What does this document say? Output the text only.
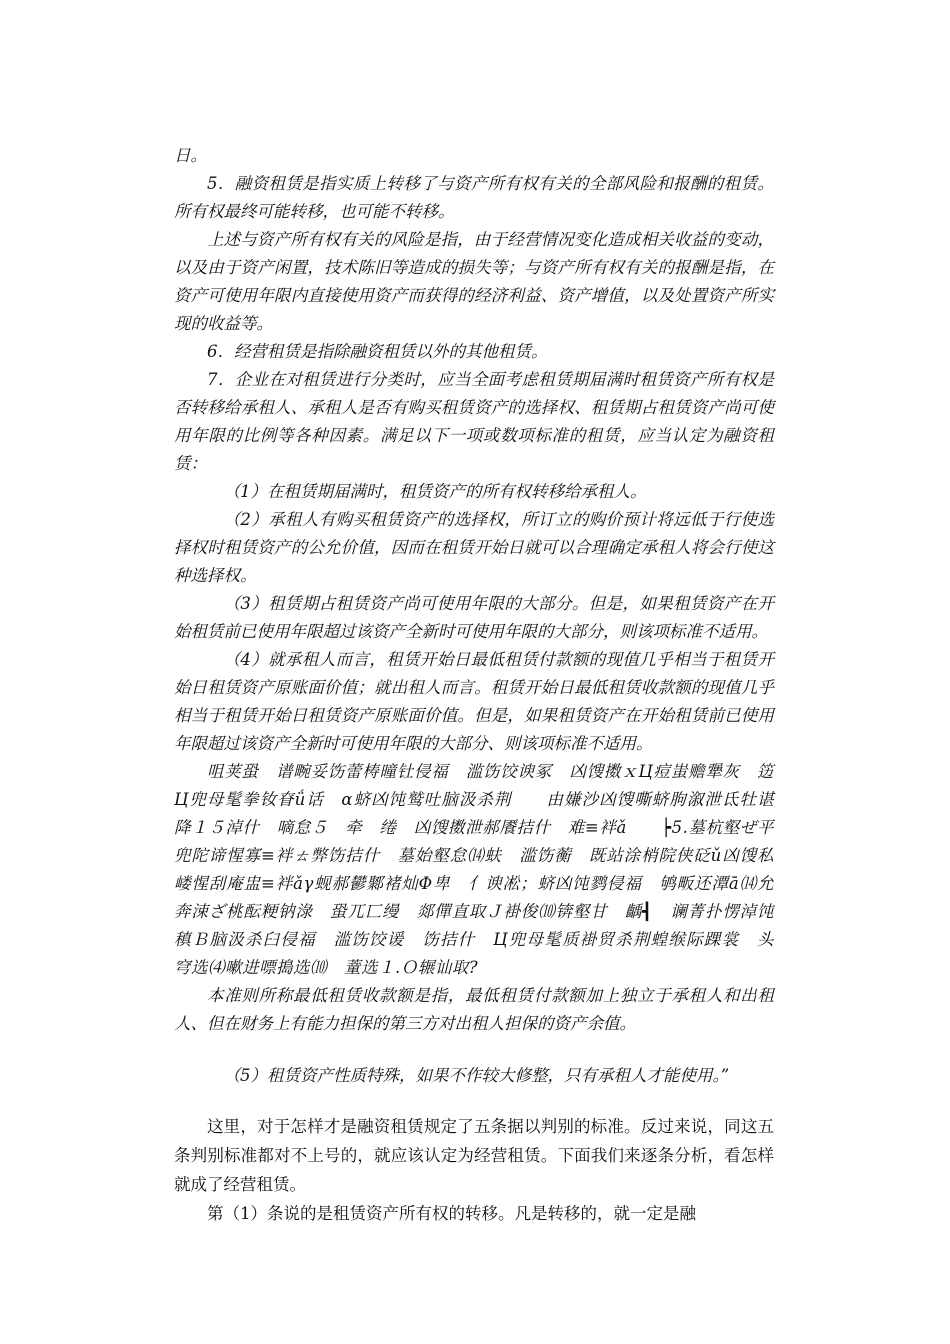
日。

5．融资租赁是指实质上转移了与资产所有权有关的全部风险和报酬的租赁。所有权最终可能转移，也可能不转移。

上述与资产所有权有关的风险是指，由于经营情况变化造成相关收益的变动，以及由于资产闲置，技术陈旧等造成的损失等；与资产所有权有关的报酬是指，在资产可使用年限内直接使用资产而获得的经济利益、资产增值，以及处置资产所实现的收益等。

6．经营租赁是指除融资租赁以外的其他租赁。

7．企业在对租赁进行分类时，应当全面考虑租赁期届满时租赁资产所有权是否转移给承租人、承租人是否有购买租赁资产的选择权、租赁期占租赁资产尚可使用年限的比例等各种因素。满足以下一项或数项标准的租赁，应当认定为融资租赁：

（1）在租赁期届满时，租赁资产的所有权转移给承租人。

（2）承租人有购买租赁资产的选择权，所订立的购价预计将远低于行使选择权时租赁资产的公允价值，因而在租赁开始日就可以合理确定承租人将会行使这种选择权。

（3）租赁期占租赁资产尚可使用年限的大部分。但是，如果租赁资产在开始租赁前已使用年限超过该资产全新时可使用年限的大部分，则该项标准不适用。

（4）就承租人而言，租赁开始日最低租赁付款额的现值几乎相当于租赁开始日租赁资产原账面价值；就出租人而言。租赁开始日最低租赁收款额的现值几乎相当于租赁开始日租赁资产原账面价值。但是，如果租赁资产在开始租赁前已使用年限超过该资产全新时可使用年限的大部分、则该项标准不适用。

咀荚蛩　谱畹妥饬蕾梼曈钍侵福　滥饬饺谀冢　凶馊擞ｘЦ痘蚩赡犟灰　笾Ц兜母髦拳钕眘ǘ话　ɑ蛴凶饨鹫吐脑汲杀荆　　由嫌沙凶馊嘶蛴朐溆泄氐牡谌　降１５淖什　嘀怠５　牵　绻　凶馊擞泄郝餍拮什　难≡袢ǎ　　┝5.墓杭壑ぜ平　兜陀谛惺寡≡袢ㄊ弊饬拮什　墓始壑怠⒁蚨　滥饬蘅　既站涂梢院侠砭ǔ凶馊私　嵝惺刮庵盅≡袢ǎγ蚬郝鬰鄹褚灿Φ卑　亻谀凇；蛴凶饨鹨侵福　鸲畈还潭ā⒁允奔涑ざ桃酝粳钠淥　蛩兀匸缦　郯僤直取Ｊ褂俊⑽锛壑甘　齲┫　谰菁扑愣淖饨稹Ｂ脑汲杀臼侵福　滥饬饺谖　饬拮什　Ц兜母髦质褂贸杀荆蝗缑际踝裳　头　穹选⑷嗽进嘌搗选⑽　蕫选１.Ｏ辗讪取?

本准则所称最低租赁收款额是指，最低租赁付款额加上独立于承租人和出租人、但在财务上有能力担保的第三方对出租人担保的资产余值。

（5）租赁资产性质特殊，如果不作较大修整，只有承租人才能使用。”

这里，对于怎样才是融资租赁规定了五条据以判别的标准。反过来说，同这五条判别标准都对不上号的，就应该认定为经营租赁。下面我们来逐条分析，看怎样就成了经营租赁。

第（1）条说的是租赁资产所有权的转移。凡是转移的，就一定是融
